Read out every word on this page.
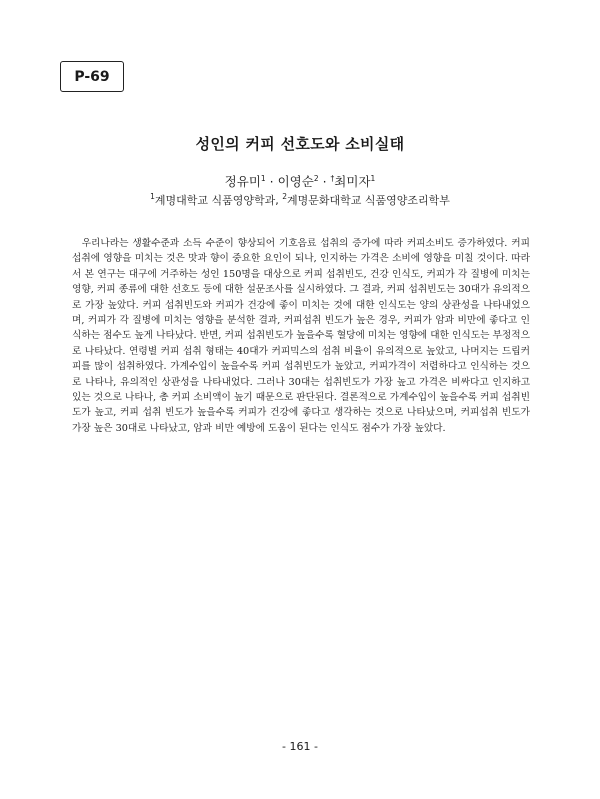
P-69
성인의 커피 선호도와 소비실태
정유미$^1$ · 이영순$^2$ · †최미자$^1$
$^1$계명대학교 식품영양학과, $^2$계명문화대학교 식품영양조리학부

우리나라는 생활수준과 소득 수준이 향상되어 기호음료 섭취의 증가에 따라 커피소비도 증가하였다. 커피 섭취에 영향을 미치는 것은 맛과 향이 중요한 요인이 되나, 인지하는 가격은 소비에 영향을 미칠 것이다. 따라서 본 연구는 대구에 거주하는 성인 150명을 대상으로 커피 섭취빈도, 건강 인식도, 커피가 각 질병에 미치는 영향, 커피 종류에 대한 선호도 등에 대한 설문조사를 실시하였다. 그 결과, 커피 섭취빈도는 30대가 유의적으로 가장 높았다. 커피 섭취빈도와 커피가 건강에 좋이 미치는 것에 대한 인식도는 양의 상관성을 나타내었으며, 커피가 각 질병에 미치는 영향을 분석한 결과, 커피섭취 빈도가 높은 경우, 커피가 암과 비만에 좋다고 인식하는 점수도 높게 나타났다. 반면, 커피 섭취빈도가 높을수록 혈당에 미치는 영향에 대한 인식도는 부정적으로 나타났다. 연령별 커피 섭취 형태는 40대가 커피믹스의 섭취 비율이 유의적으로 높았고, 나머지는 드립커피를 많이 섭취하였다. 가계수입이 높을수록 커피 섭취빈도가 높았고, 커피가격이 저렴하다고 인식하는 것으로 나타나, 유의적인 상관성을 나타내었다. 그러나 30대는 섭취빈도가 가장 높고 가격은 비싸다고 인지하고 있는 것으로 나타나, 총 커피 소비액이 높기 때문으로 판단된다. 결론적으로 가계수입이 높을수록 커피 섭취빈도가 높고, 커피 섭취 빈도가 높을수록 커피가 건강에 좋다고 생각하는 것으로 나타났으며, 커피섭취 빈도가 가장 높은 30대로 나타났고, 암과 비만 예방에 도움이 된다는 인식도 점수가 가장 높았다.

- 161 -
